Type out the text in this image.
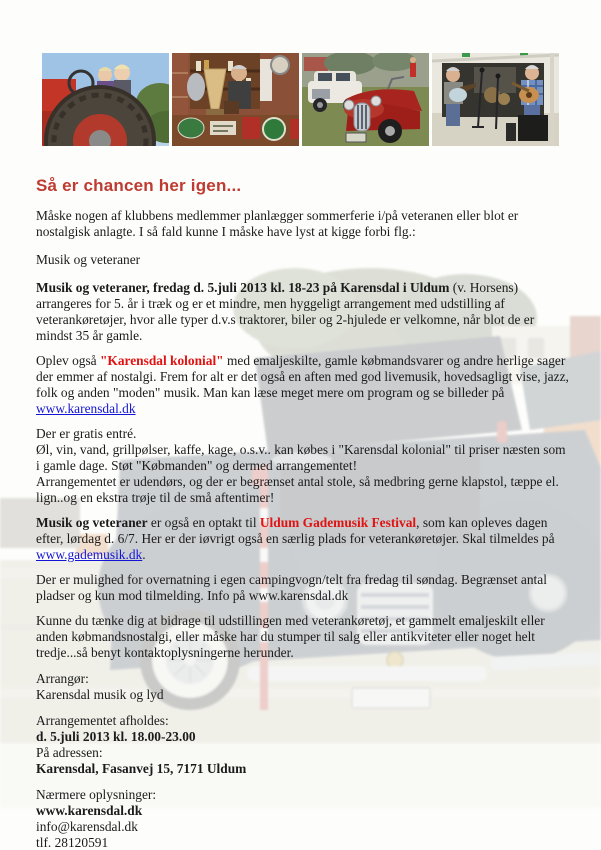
Så er chancen her igen...

Måske nogen af klubbens medlemmer planlægger sommerferie i/på veteranen eller blot er nostalgisk anlagte. I så fald kunne I måske have lyst at kigge forbi flg.:

Musik og veteraner

Musik og veteraner, fredag d. 5.juli 2013 kl. 18-23 på Karensdal i Uldum (v. Horsens) arrangeres for 5. år i træk og er et mindre, men hyggeligt arrangement med udstilling af veterankøretøjer, hvor alle typer d.v.s traktorer, biler og 2-hjulede er velkomne, når blot de er mindst 35 år gamle.

Oplev også "Karensdal kolonial" med emaljeskilte, gamle købmandsvarer og andre herlige sager der emmer af nostalgi. Frem for alt er det også en aften med god livemusik, hovedsagligt vise, jazz, folk og anden "moden" musik. Man kan læse meget mere om program og se billeder på www.karensdal.dk

Der er gratis entré.
Øl, vin, vand, grillpølser, kaffe, kage, o.s.v.. kan købes i "Karensdal kolonial" til priser næsten som i gamle dage. Støt "Købmanden" og dermed arrangementet!
Arrangementet er udendørs, og der er begrænset antal stole, så medbring gerne klapstol, tæppe el. lign..og en ekstra trøje til de små aftentimer!

Musik og veteraner er også en optakt til Uldum Gademusik Festival, som kan opleves dagen efter, lørdag d. 6/7. Her er der iøvrigt også en særlig plads for veterankøretøjer. Skal tilmeldes på www.gademusik.dk.

Der er mulighed for overnatning i egen campingvogn/telt fra fredag til søndag. Begrænset antal pladser og kun mod tilmelding. Info på www.karensdal.dk

Kunne du tænke dig at bidrage til udstillingen med veterankøretøj, et gammelt emaljeskilt eller anden købmandsnostalgi, eller måske har du stumper til salg eller antikviteter eller noget helt tredje...så benyt kontaktoplysningerne herunder.

Arrangør:
Karensdal musik og lyd

Arrangementet afholdes:
d. 5.juli 2013 kl. 18.00-23.00
På adressen:
Karensdal, Fasanvej 15, 7171 Uldum

Nærmere oplysninger:
www.karensdal.dk
info@karensdal.dk
tlf. 28120591
